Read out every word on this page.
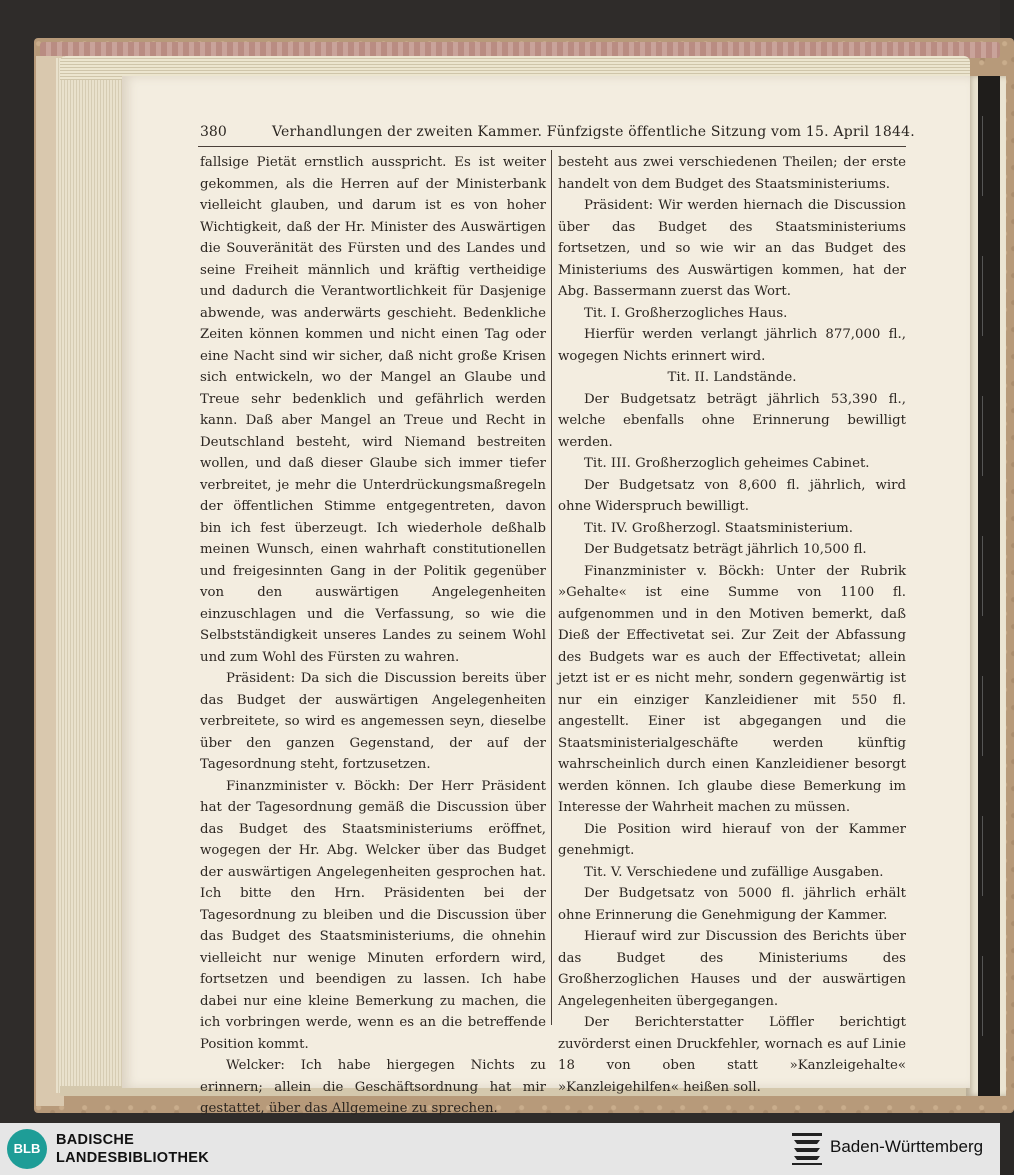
380	Verhandlungen der zweiten Kammer. Fünfzigste öffentliche Sitzung vom 15. April 1844.

fallsige Pietät ernstlich ausspricht. Es ist weiter gekommen, als die Herren auf der Ministerbank vielleicht glauben, und darum ist es von hoher Wichtigkeit, daß der Hr. Minister des Auswärtigen die Souveränität des Fürsten und des Landes und seine Freiheit männlich und kräftig vertheidige und dadurch die Verantwortlichkeit für Dasjenige abwende, was anderwärts geschieht. Bedenkliche Zeiten können kommen und nicht einen Tag oder eine Nacht sind wir sicher, daß nicht große Krisen sich entwickeln, wo der Mangel an Glaube und Treue sehr bedenklich und gefährlich werden kann. Daß aber Mangel an Treue und Recht in Deutschland besteht, wird Niemand bestreiten wollen, und daß dieser Glaube sich immer tiefer verbreitet, je mehr die Unterdrückungsmaßregeln der öffentlichen Stimme entgegentreten, davon bin ich fest überzeugt. Ich wiederhole deßhalb meinen Wunsch, einen wahrhaft constitutionellen und freigesinnten Gang in der Politik gegenüber von den auswärtigen Angelegenheiten einzuschlagen und die Verfassung, so wie die Selbstständigkeit unseres Landes zu seinem Wohl und zum Wohl des Fürsten zu wahren.

Präsident: Da sich die Discussion bereits über das Budget der auswärtigen Angelegenheiten verbreitete, so wird es angemessen seyn, dieselbe über den ganzen Gegenstand, der auf der Tagesordnung steht, fortzusetzen.

Finanzminister v. Böckh: Der Herr Präsident hat der Tagesordnung gemäß die Discussion über das Budget des Staatsministeriums eröffnet, wogegen der Hr. Abg. Welcker über das Budget der auswärtigen Angelegenheiten gesprochen hat. Ich bitte den Hrn. Präsidenten bei der Tagesordnung zu bleiben und die Discussion über das Budget des Staatsministeriums, die ohnehin vielleicht nur wenige Minuten erfordern wird, fortsetzen und beendigen zu lassen. Ich habe dabei nur eine kleine Bemerkung zu machen, die ich vorbringen werde, wenn es an die betreffende Position kommt.

Welcker: Ich habe hiergegen Nichts zu erinnern; allein die Geschäftsordnung hat mir gestattet, über das Allgemeine zu sprechen.

besteht aus zwei verschiedenen Theilen; der erste handelt von dem Budget des Staatsministeriums.

Präsident: Wir werden hiernach die Discussion über das Budget des Staatsministeriums fortsetzen, und so wie wir an das Budget des Ministeriums des Auswärtigen kommen, hat der Abg. Bassermann zuerst das Wort.

Tit. I. Großherzogliches Haus.

Hierfür werden verlangt jährlich 877,000 fl., wogegen Nichts erinnert wird.

Tit. II. Landstände.

Der Budgetsatz beträgt jährlich 53,390 fl., welche ebenfalls ohne Erinnerung bewilligt werden.

Tit. III. Großherzoglich geheimes Cabinet.

Der Budgetsatz von 8,600 fl. jährlich, wird ohne Widerspruch bewilligt.

Tit. IV. Großherzogl. Staatsministerium.

Der Budgetsatz beträgt jährlich 10,500 fl.

Finanzminister v. Böckh: Unter der Rubrik »Gehalte« ist eine Summe von 1100 fl. aufgenommen und in den Motiven bemerkt, daß Dieß der Effectivetat sei. Zur Zeit der Abfassung des Budgets war es auch der Effectivetat; allein jetzt ist er es nicht mehr, sondern gegenwärtig ist nur ein einziger Kanzleidiener mit 550 fl. angestellt. Einer ist abgegangen und die Staatsministerialgeschäfte werden künftig wahrscheinlich durch einen Kanzleidiener besorgt werden können. Ich glaube diese Bemerkung im Interesse der Wahrheit machen zu müssen.

Die Position wird hierauf von der Kammer genehmigt.

Tit. V. Verschiedene und zufällige Ausgaben.

Der Budgetsatz von 5000 fl. jährlich erhält ohne Erinnerung die Genehmigung der Kammer.

Hierauf wird zur Discussion des Berichts über das Budget des Ministeriums des Großherzoglichen Hauses und der auswärtigen Angelegenheiten übergegangen.

Der Berichterstatter Löffler berichtigt zuvörderst einen Druckfehler, wornach es auf Linie 18 von oben statt »Kanzleigehalte« »Kanzleigehilfen« heißen soll.

BLB
BADISCHE
LANDESBIBLIOTHEK
Baden-Württemberg
